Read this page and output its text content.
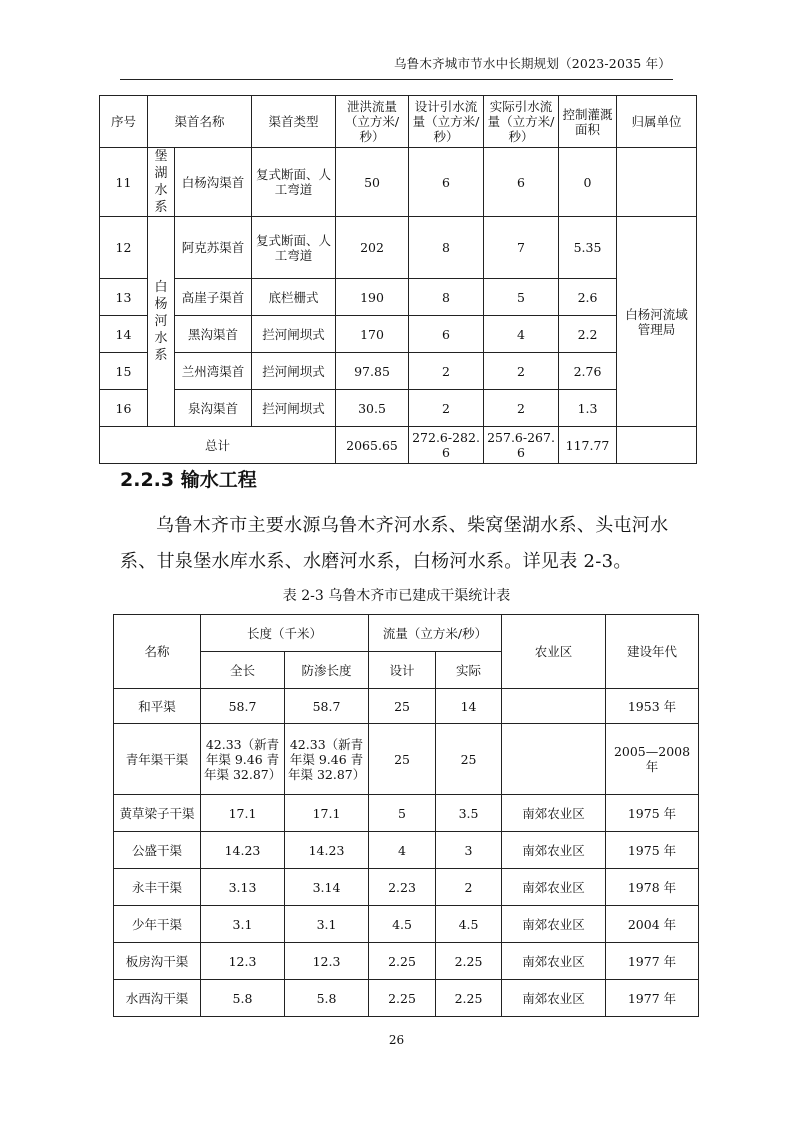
乌鲁木齐城市节水中长期规划（2023-2035 年）
序号	渠首名称		渠首类型	泄洪流量（立方米/秒）	设计引水流量（立方米/秒）	实际引水流量（立方米/秒）	控制灌溉面积	归属单位
11	堡湖水系	白杨沟渠首	复式断面、人工弯道	50	6	6	0	
12	白杨河水系	阿克苏渠首	复式断面、人工弯道	202	8	7	5.35	白杨河流域管理局
13		高崖子渠首	底栏栅式	190	8	5	2.6	
14		黑沟渠首	拦河闸坝式	170	6	4	2.2	
15		兰州湾渠首	拦河闸坝式	97.85	2	2	2.76	
16		泉沟渠首	拦河闸坝式	30.5	2	2	1.3	
总计				2065.65	272.6-282.6	257.6-267.6	117.77	
2.2.3 输水工程
乌鲁木齐市主要水源乌鲁木齐河水系、柴窝堡湖水系、头屯河水系、甘泉堡水库水系、水磨河水系，白杨河水系。详见表 2-3。
表 2-3 乌鲁木齐市已建成干渠统计表
名称	长度（千米）		流量（立方米/秒）		农业区	建设年代
	全长	防渗长度	设计	实际		
和平渠	58.7	58.7	25	14		1953 年
青年渠干渠	42.33（新青年渠 9.46 青年渠 32.87）	42.33（新青年渠 9.46 青年渠 32.87）	25	25		2005—2008 年
黄草梁子干渠	17.1	17.1	5	3.5	南郊农业区	1975 年
公盛干渠	14.23	14.23	4	3	南郊农业区	1975 年
永丰干渠	3.13	3.14	2.23	2	南郊农业区	1978 年
少年干渠	3.1	3.1	4.5	4.5	南郊农业区	2004 年
板房沟干渠	12.3	12.3	2.25	2.25	南郊农业区	1977 年
水西沟干渠	5.8	5.8	2.25	2.25	南郊农业区	1977 年
26
